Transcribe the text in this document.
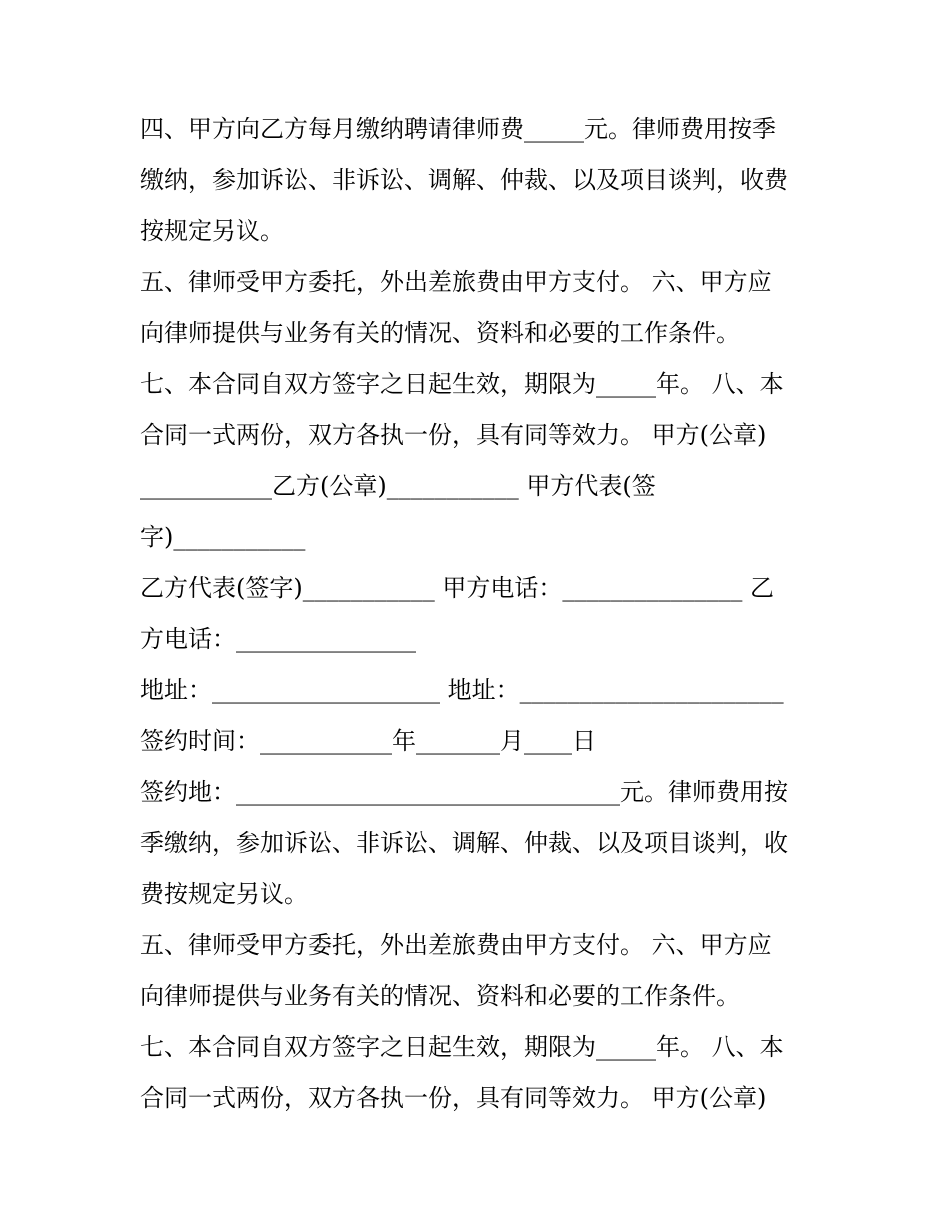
四、甲方向乙方每月缴纳聘请律师费_____元。律师费用按季
缴纳，参加诉讼、非诉讼、调解、仲裁、以及项目谈判，收费
按规定另议。
五、律师受甲方委托，外出差旅费由甲方支付。 六、甲方应
向律师提供与业务有关的情况、资料和必要的工作条件。
七、本合同自双方签字之日起生效，期限为_____年。 八、本
合同一式两份，双方各执一份，具有同等效力。 甲方(公章)
___________乙方(公章)___________ 甲方代表(签
字)___________
乙方代表(签字)___________ 甲方电话：_______________ 乙
方电话：_______________
地址：___________________ 地址：______________________
签约时间：___________年_______月____日
签约地：________________________________元。律师费用按
季缴纳，参加诉讼、非诉讼、调解、仲裁、以及项目谈判，收
费按规定另议。
五、律师受甲方委托，外出差旅费由甲方支付。 六、甲方应
向律师提供与业务有关的情况、资料和必要的工作条件。
七、本合同自双方签字之日起生效，期限为_____年。 八、本
合同一式两份，双方各执一份，具有同等效力。 甲方(公章)
